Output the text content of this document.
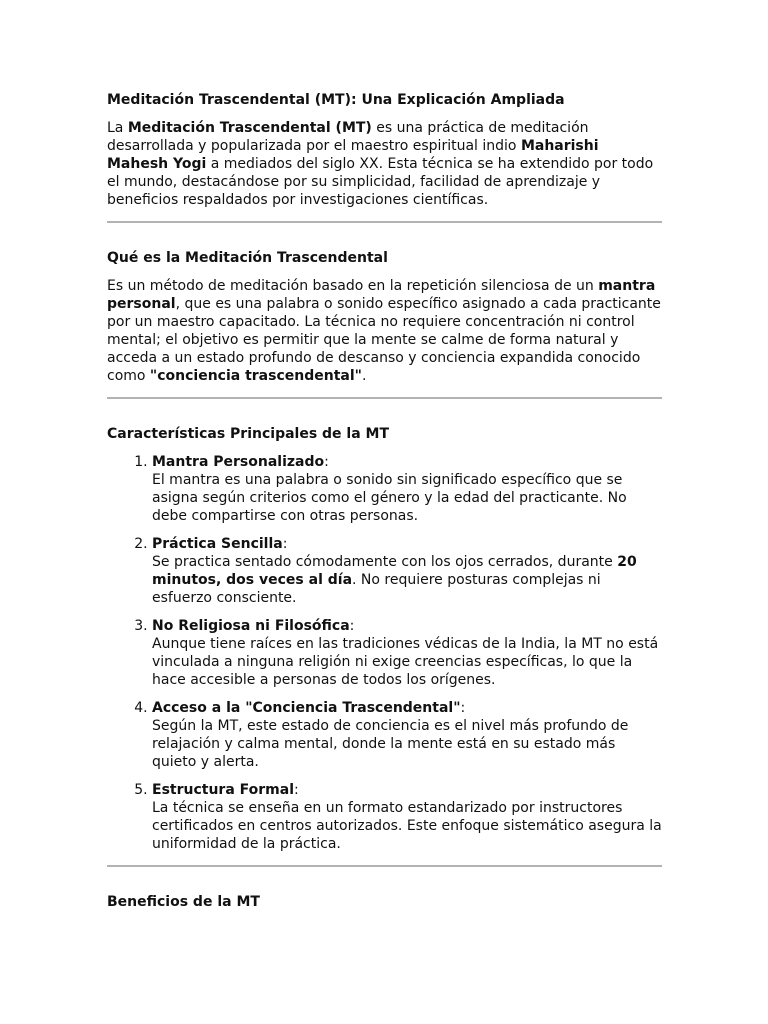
Meditación Trascendental (MT): Una Explicación Ampliada

La Meditación Trascendental (MT) es una práctica de meditación desarrollada y popularizada por el maestro espiritual indio Maharishi Mahesh Yogi a mediados del siglo XX. Esta técnica se ha extendido por todo el mundo, destacándose por su simplicidad, facilidad de aprendizaje y beneficios respaldados por investigaciones científicas.

Qué es la Meditación Trascendental

Es un método de meditación basado en la repetición silenciosa de un mantra personal, que es una palabra o sonido específico asignado a cada practicante por un maestro capacitado. La técnica no requiere concentración ni control mental; el objetivo es permitir que la mente se calme de forma natural y acceda a un estado profundo de descanso y conciencia expandida conocido como "conciencia trascendental".

Características Principales de la MT
1. Mantra Personalizado:
El mantra es una palabra o sonido sin significado específico que se asigna según criterios como el género y la edad del practicante. No debe compartirse con otras personas.
2. Práctica Sencilla:
Se practica sentado cómodamente con los ojos cerrados, durante 20 minutos, dos veces al día. No requiere posturas complejas ni esfuerzo consciente.
3. No Religiosa ni Filosófica:
Aunque tiene raíces en las tradiciones védicas de la India, la MT no está vinculada a ninguna religión ni exige creencias específicas, lo que la hace accesible a personas de todos los orígenes.
4. Acceso a la "Conciencia Trascendental":
Según la MT, este estado de conciencia es el nivel más profundo de relajación y calma mental, donde la mente está en su estado más quieto y alerta.
5. Estructura Formal:
La técnica se enseña en un formato estandarizado por instructores certificados en centros autorizados. Este enfoque sistemático asegura la uniformidad de la práctica.
Beneficios de la MT
